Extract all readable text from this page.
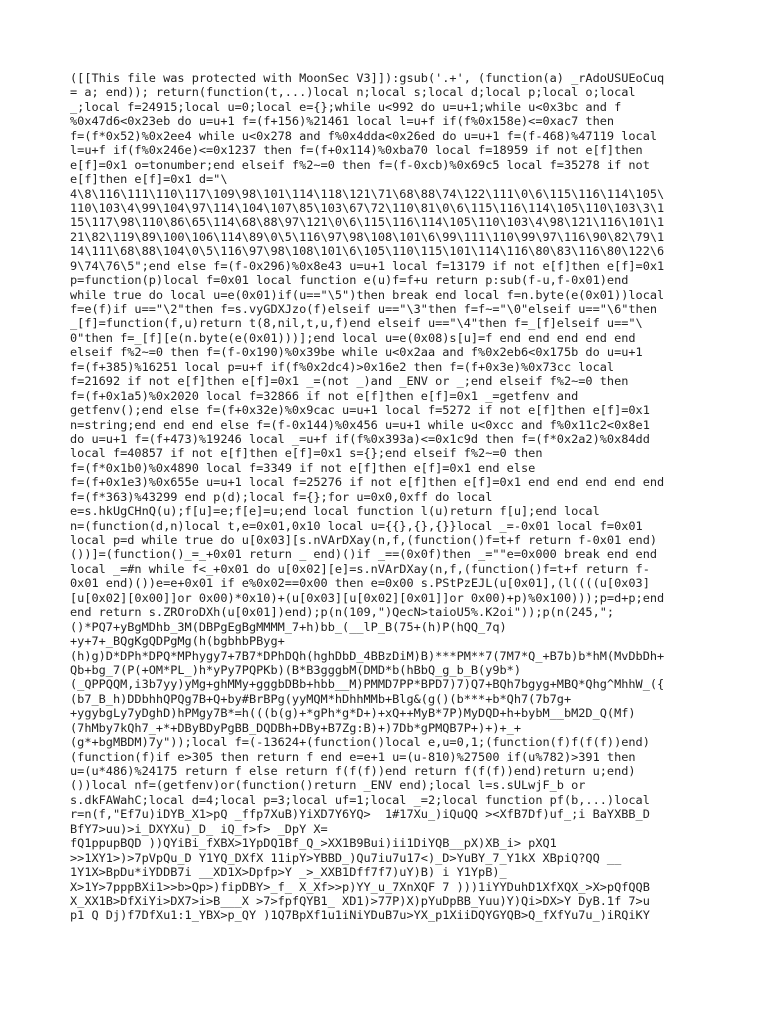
([[This file was protected with MoonSec V3]]):gsub('.+', (function(a) _rAdoUSUEoCuq
= a; end)); return(function(t,...)local n;local s;local d;local p;local o;local
_;local f=24915;local u=0;local e={};while u<992 do u=u+1;while u<0x3bc and f
%0x47d6<0x23eb do u=u+1 f=(f+156)%21461 local l=u+f if(f%0x158e)<=0xac7 then
f=(f*0x52)%0x2ee4 while u<0x278 and f%0x4dda<0x26ed do u=u+1 f=(f-468)%47119 local
l=u+f if(f%0x246e)<=0x1237 then f=(f+0x114)%0xba70 local f=18959 if not e[f]then
e[f]=0x1 o=tonumber;end elseif f%2~=0 then f=(f-0xcb)%0x69c5 local f=35278 if not
e[f]then e[f]=0x1 d="\
4\8\116\111\110\117\109\98\101\114\118\121\71\68\88\74\122\111\0\6\115\116\114\105\
110\103\4\99\104\97\114\104\107\85\103\67\72\110\81\0\6\115\116\114\105\110\103\3\1
15\117\98\110\86\65\114\68\88\97\121\0\6\115\116\114\105\110\103\4\98\121\116\101\1
21\82\119\89\100\106\114\89\0\5\116\97\98\108\101\6\99\111\110\99\97\116\90\82\79\1
14\111\68\88\104\0\5\116\97\98\108\101\6\105\110\115\101\114\116\80\83\116\80\122\6
9\74\76\5";end else f=(f-0x296)%0x8e43 u=u+1 local f=13179 if not e[f]then e[f]=0x1
p=function(p)local f=0x01 local function e(u)f=f+u return p:sub(f-u,f-0x01)end
while true do local u=e(0x01)if(u=="\5")then break end local f=n.byte(e(0x01))local
f=e(f)if u=="\2"then f=s.vyGDXJzo(f)elseif u=="\3"then f=f~="\0"elseif u=="\6"then
_[f]=function(f,u)return t(8,nil,t,u,f)end elseif u=="\4"then f=_[f]elseif u=="\
0"then f=_[f][e(n.byte(e(0x01)))];end local u=e(0x08)s[u]=f end end end end end
elseif f%2~=0 then f=(f-0x190)%0x39be while u<0x2aa and f%0x2eb6<0x175b do u=u+1
f=(f+385)%16251 local p=u+f if(f%0x2dc4)>0x16e2 then f=(f+0x3e)%0x73cc local
f=21692 if not e[f]then e[f]=0x1 _=(not _)and _ENV or _;end elseif f%2~=0 then
f=(f+0x1a5)%0x2020 local f=32866 if not e[f]then e[f]=0x1 _=getfenv and
getfenv();end else f=(f+0x32e)%0x9cac u=u+1 local f=5272 if not e[f]then e[f]=0x1
n=string;end end end else f=(f-0x144)%0x456 u=u+1 while u<0xcc and f%0x11c2<0x8e1
do u=u+1 f=(f+473)%19246 local _=u+f if(f%0x393a)<=0x1c9d then f=(f*0x2a2)%0x84dd
local f=40857 if not e[f]then e[f]=0x1 s={};end elseif f%2~=0 then
f=(f*0x1b0)%0x4890 local f=3349 if not e[f]then e[f]=0x1 end else
f=(f+0x1e3)%0x655e u=u+1 local f=25276 if not e[f]then e[f]=0x1 end end end end end
f=(f*363)%43299 end p(d);local f={};for u=0x0,0xff do local
e=s.hkUgCHnQ(u);f[u]=e;f[e]=u;end local function l(u)return f[u];end local
n=(function(d,n)local t,e=0x01,0x10 local u={{},{},{}}local _=-0x01 local f=0x01
local p=d while true do u[0x03][s.nVArDXay(n,f,(function()f=t+f return f-0x01 end)
())]=(function()_=_+0x01 return _ end)()if _==(0x0f)then _=""e=0x000 break end end
local _=#n while f<_+0x01 do u[0x02][e]=s.nVArDXay(n,f,(function()f=t+f return f-
0x01 end)())e=e+0x01 if e%0x02==0x00 then e=0x00 s.PStPzEJL(u[0x01],(l((((u[0x03]
[u[0x02][0x00]]or 0x00)*0x10)+(u[0x03][u[0x02][0x01]]or 0x00)+p)%0x100)));p=d+p;end
end return s.ZROroDXh(u[0x01])end);p(n(109,")QecN>taioU5%.K2oi"));p(n(245,";
()*PQ7+yBgMDhb_3M(DBPgEgBgMMMM_7+h)bb_(__lP_B(75+(h)P(hQQ_7q)
+y+7+_BQgKgQDPgMg(h(bgbhbPByg+
(h)g)D*DPh*DPQ*MPhygy7+7B7*DPhDQh(hghDbD_4BBzDiM)B)***PM**7(7M7*Q_+B7b)b*hM(MvDbDh+
Qb+bg_7(P(+OM*PL_)h*yPy7PQPKb)(B*B3gggbM(DMD*b(hBbQ_g_b_B(y9b*)
(_QPPQQM,i3b7yy)yMg+ghMMy+gggbDBb+hbb__M)PMMD7PP*BPD7)7)Q7+BQh7bgyg+MBQ*Qhg^MhhW_({
(b7_B_h)DDbhhQPQg7B+Q+by#BrBPg(yyMQM*hDhhMMb+Blg&(g()(b***+b*Qh7(7b7g+
+ygybgLy7yDghD)hPMgy7B*=h(((b(g)+*gPh*g*D+)+xQ++MyB*7P)MyDQD+h+bybM__bM2D_Q(Mf)
(7hMby7kQh7_+*+DByBDyPgBB_DQDBh+DBy+B7Zg:B)+)7Db*gPMQB7P+)+)+_+
(g*+bgMBDM)7y"));local f=(-13624+(function()local e,u=0,1;(function(f)f(f(f))end)
(function(f)if e>305 then return f end e=e+1 u=(u-810)%27500 if(u%782)>391 then
u=(u*486)%24175 return f else return f(f(f))end return f(f(f))end)return u;end)
())local nf=(getfenv)or(function()return _ENV end);local l=s.sULwjF_b or
s.dkFAWahC;local d=4;local p=3;local uf=1;local _=2;local function pf(b,...)local
r=n(f,"Ef7u)iDYB_X1>pQ _ffp7XuB)YiXD7Y6YQ>  1#17Xu_)iQuQQ ><XfB7Df)uf_;i BaYXBB_D
BfY7>uu)>i_DXYXu)_D_ iQ_f>f> _DpY X=
fQ1ppupBQD ))QYiBi_fXBX>1YpDQ1Bf_Q_>XX1B9Bui)ii1DiYQB__pX)XB_i> pXQ1
>>1XY1>)>7pVpQu_D Y1YQ_DXfX 11ipY>YBBD_)Qu7iu7u17<)_D>YuBY_7_Y1kX XBpiQ?QQ __
1Y1X>BpDu*iYDDB7i __XD1X>Dpfp>Y _>_XXB1Dff7f7)uY)B) i Y1YpB)_
X>1Y>7pppBXi1>>b>Qp>)fipDBY>_f_ X_Xf>>p)YY_u_7XnXQF 7 )))1iYYDuhD1XfXQX_>X>pQfQQB
X_XX1B>DfXiYi>DX7>i>B___X >7>fpfQYB1_ XD1)>77P)X)pYuDpBB_Yuu)Y)Qi>DX>Y DyB.1f 7>u
p1 Q Dj)f7DfXu1:1_YBX>p_QY )1Q7BpXf1u1iNiYDuB7u>YX_p1XiiDQYGYQB>Q_fXfYu7u_)iRQiKY
